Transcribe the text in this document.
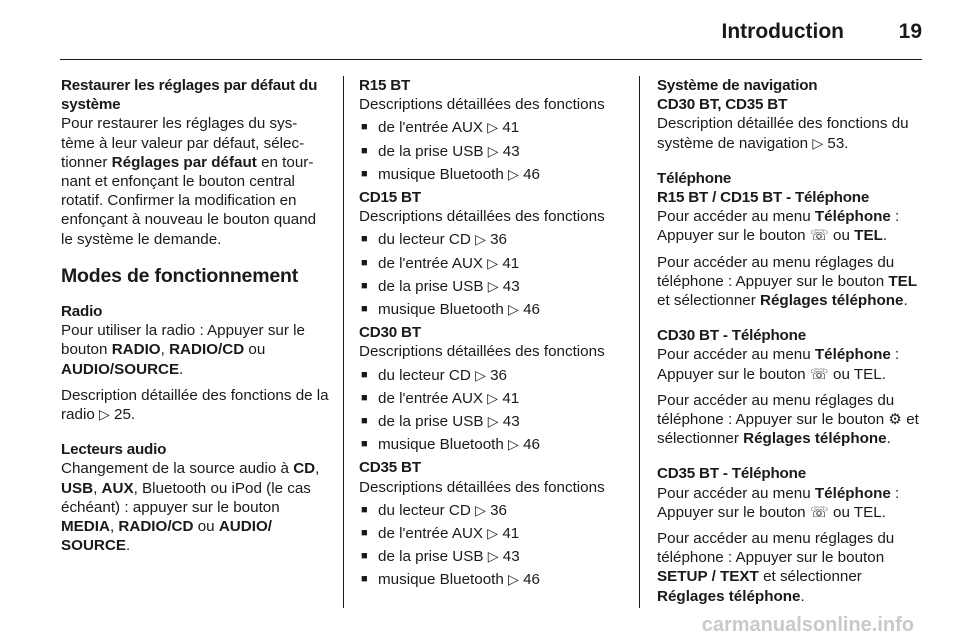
Introduction	19

Restaurer les réglages par défaut du système

Pour restaurer les réglages du sys-tème à leur valeur par défaut, sélec-tionner Réglages par défaut en tour-nant et enfonçant le bouton central rotatif. Confirmer la modification en enfonçant à nouveau le bouton quand le système le demande.

Modes de fonctionnement

Radio

Pour utiliser la radio : Appuyer sur le bouton RADIO, RADIO/CD ou AUDIO/SOURCE.

Description détaillée des fonctions de la radio ▷ 25.

Lecteurs audio

Changement de la source audio à CD, USB, AUX, Bluetooth ou iPod (le cas échéant) : appuyer sur le bouton MEDIA, RADIO/CD ou AUDIO/ SOURCE.

R15 BT

Descriptions détaillées des fonctions

■ de l'entrée AUX ▷ 41
■ de la prise USB ▷ 43
■ musique Bluetooth ▷ 46

CD15 BT

Descriptions détaillées des fonctions

■ du lecteur CD ▷ 36
■ de l'entrée AUX ▷ 41
■ de la prise USB ▷ 43
■ musique Bluetooth ▷ 46

CD30 BT

Descriptions détaillées des fonctions

■ du lecteur CD ▷ 36
■ de l'entrée AUX ▷ 41
■ de la prise USB ▷ 43
■ musique Bluetooth ▷ 46

CD35 BT

Descriptions détaillées des fonctions

■ du lecteur CD ▷ 36
■ de l'entrée AUX ▷ 41
■ de la prise USB ▷ 43
■ musique Bluetooth ▷ 46

Système de navigation

CD30 BT, CD35 BT

Description détaillée des fonctions du système de navigation ▷ 53.

Téléphone

R15 BT / CD15 BT - Téléphone

Pour accéder au menu Téléphone : Appuyer sur le bouton ☏ ou TEL.

Pour accéder au menu réglages du téléphone : Appuyer sur le bouton TEL et sélectionner Réglages téléphone.

CD30 BT - Téléphone

Pour accéder au menu Téléphone : Appuyer sur le bouton ☏ ou TEL.

Pour accéder au menu réglages du téléphone : Appuyer sur le bouton ⚙ et sélectionner Réglages téléphone.

CD35 BT - Téléphone

Pour accéder au menu Téléphone : Appuyer sur le bouton ☏ ou TEL.

Pour accéder au menu réglages du téléphone : Appuyer sur le bouton SETUP / TEXT et sélectionner Réglages téléphone.

carmanualsonline.info
